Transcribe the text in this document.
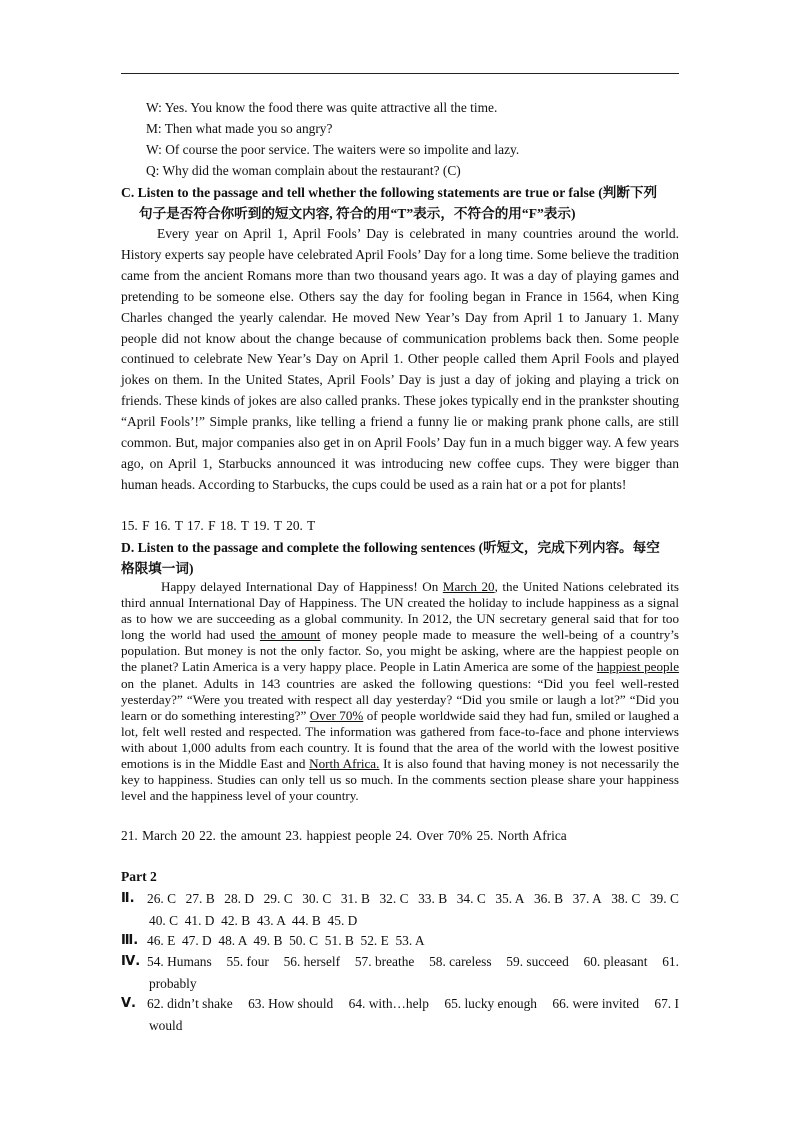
W: Yes. You know the food there was quite attractive all the time.
M: Then what made you so angry?
W: Of course the poor service. The waiters were so impolite and lazy.
Q: Why did the woman complain about the restaurant? (C)
C. Listen to the passage and tell whether the following statements are true or false (判断下列
句子是否符合你听到的短文内容, 符合的用“T”表示，不符合的用“F”表示)
Every year on April 1, April Fools’ Day is celebrated in many countries around the world. History experts say people have celebrated April Fools’ Day for a long time. Some believe the tradition came from the ancient Romans more than two thousand years ago. It was a day of playing games and pretending to be someone else. Others say the day for fooling began in France in 1564, when King Charles changed the yearly calendar. He moved New Year’s Day from April 1 to January 1. Many people did not know about the change because of communication problems back then. Some people continued to celebrate New Year’s Day on April 1. Other people called them April Fools and played jokes on them. In the United States, April Fools’ Day is just a day of joking and playing a trick on friends. These kinds of jokes are also called pranks. These jokes typically end in the prankster shouting “April Fools’!” Simple pranks, like telling a friend a funny lie or making prank phone calls, are still common. But, major companies also get in on April Fools’ Day fun in a much bigger way. A few years ago, on April 1, Starbucks announced it was introducing new coffee cups. They were bigger than human heads. According to Starbucks, the cups could be used as a rain hat or a pot for plants!
15. F 16. T 17. F 18. T 19. T 20. T
D. Listen to the passage and complete the following sentences (听短文，完成下列内容。每空
格限填一词)
Happy delayed International Day of Happiness! On March 20, the United Nations celebrated its third annual International Day of Happiness. The UN created the holiday to include happiness as a signal as to how we are succeeding as a global community. In 2012, the UN secretary general said that for too long the world had used the amount of money people made to measure the well-being of a country’s population. But money is not the only factor. So, you might be asking, where are the happiest people on the planet? Latin America is a very happy place. People in Latin America are some of the happiest people on the planet. Adults in 143 countries are asked the following questions: “Did you feel well-rested yesterday?” “Were you treated with respect all day yesterday? “Did you smile or laugh a lot?” “Did you learn or do something interesting?” Over 70% of people worldwide said they had fun, smiled or laughed a lot, felt well rested and respected. The information was gathered from face-to-face and phone interviews with about 1,000 adults from each country. It is found that the area of the world with the lowest positive emotions is in the Middle East and North Africa. It is also found that having money is not necessarily the key to happiness. Studies can only tell us so much. In the comments section please share your happiness level and the happiness level of your country.
21. March 20 22. the amount 23. happiest people 24. Over 70% 25. North Africa
Part 2
Ⅱ. 26. C 27. B 28. D 29. C 30. C 31. B 32. C 33. B 34. C 35. A 36. B 37. A 38. C 39. C
40. C  41. D  42. B  43. A  44. B  45. D
Ⅲ. 46. E  47. D  48. A  49. B  50. C  51. B  52. E  53. A
Ⅳ. 54. Humans 55. four 56. herself 57. breathe 58. careless 59. succeed 60. pleasant 61.
probably
Ⅴ. 62. didn’t shake 63. How should 64. with…help 65. lucky enough 66. were invited 67. I
would
